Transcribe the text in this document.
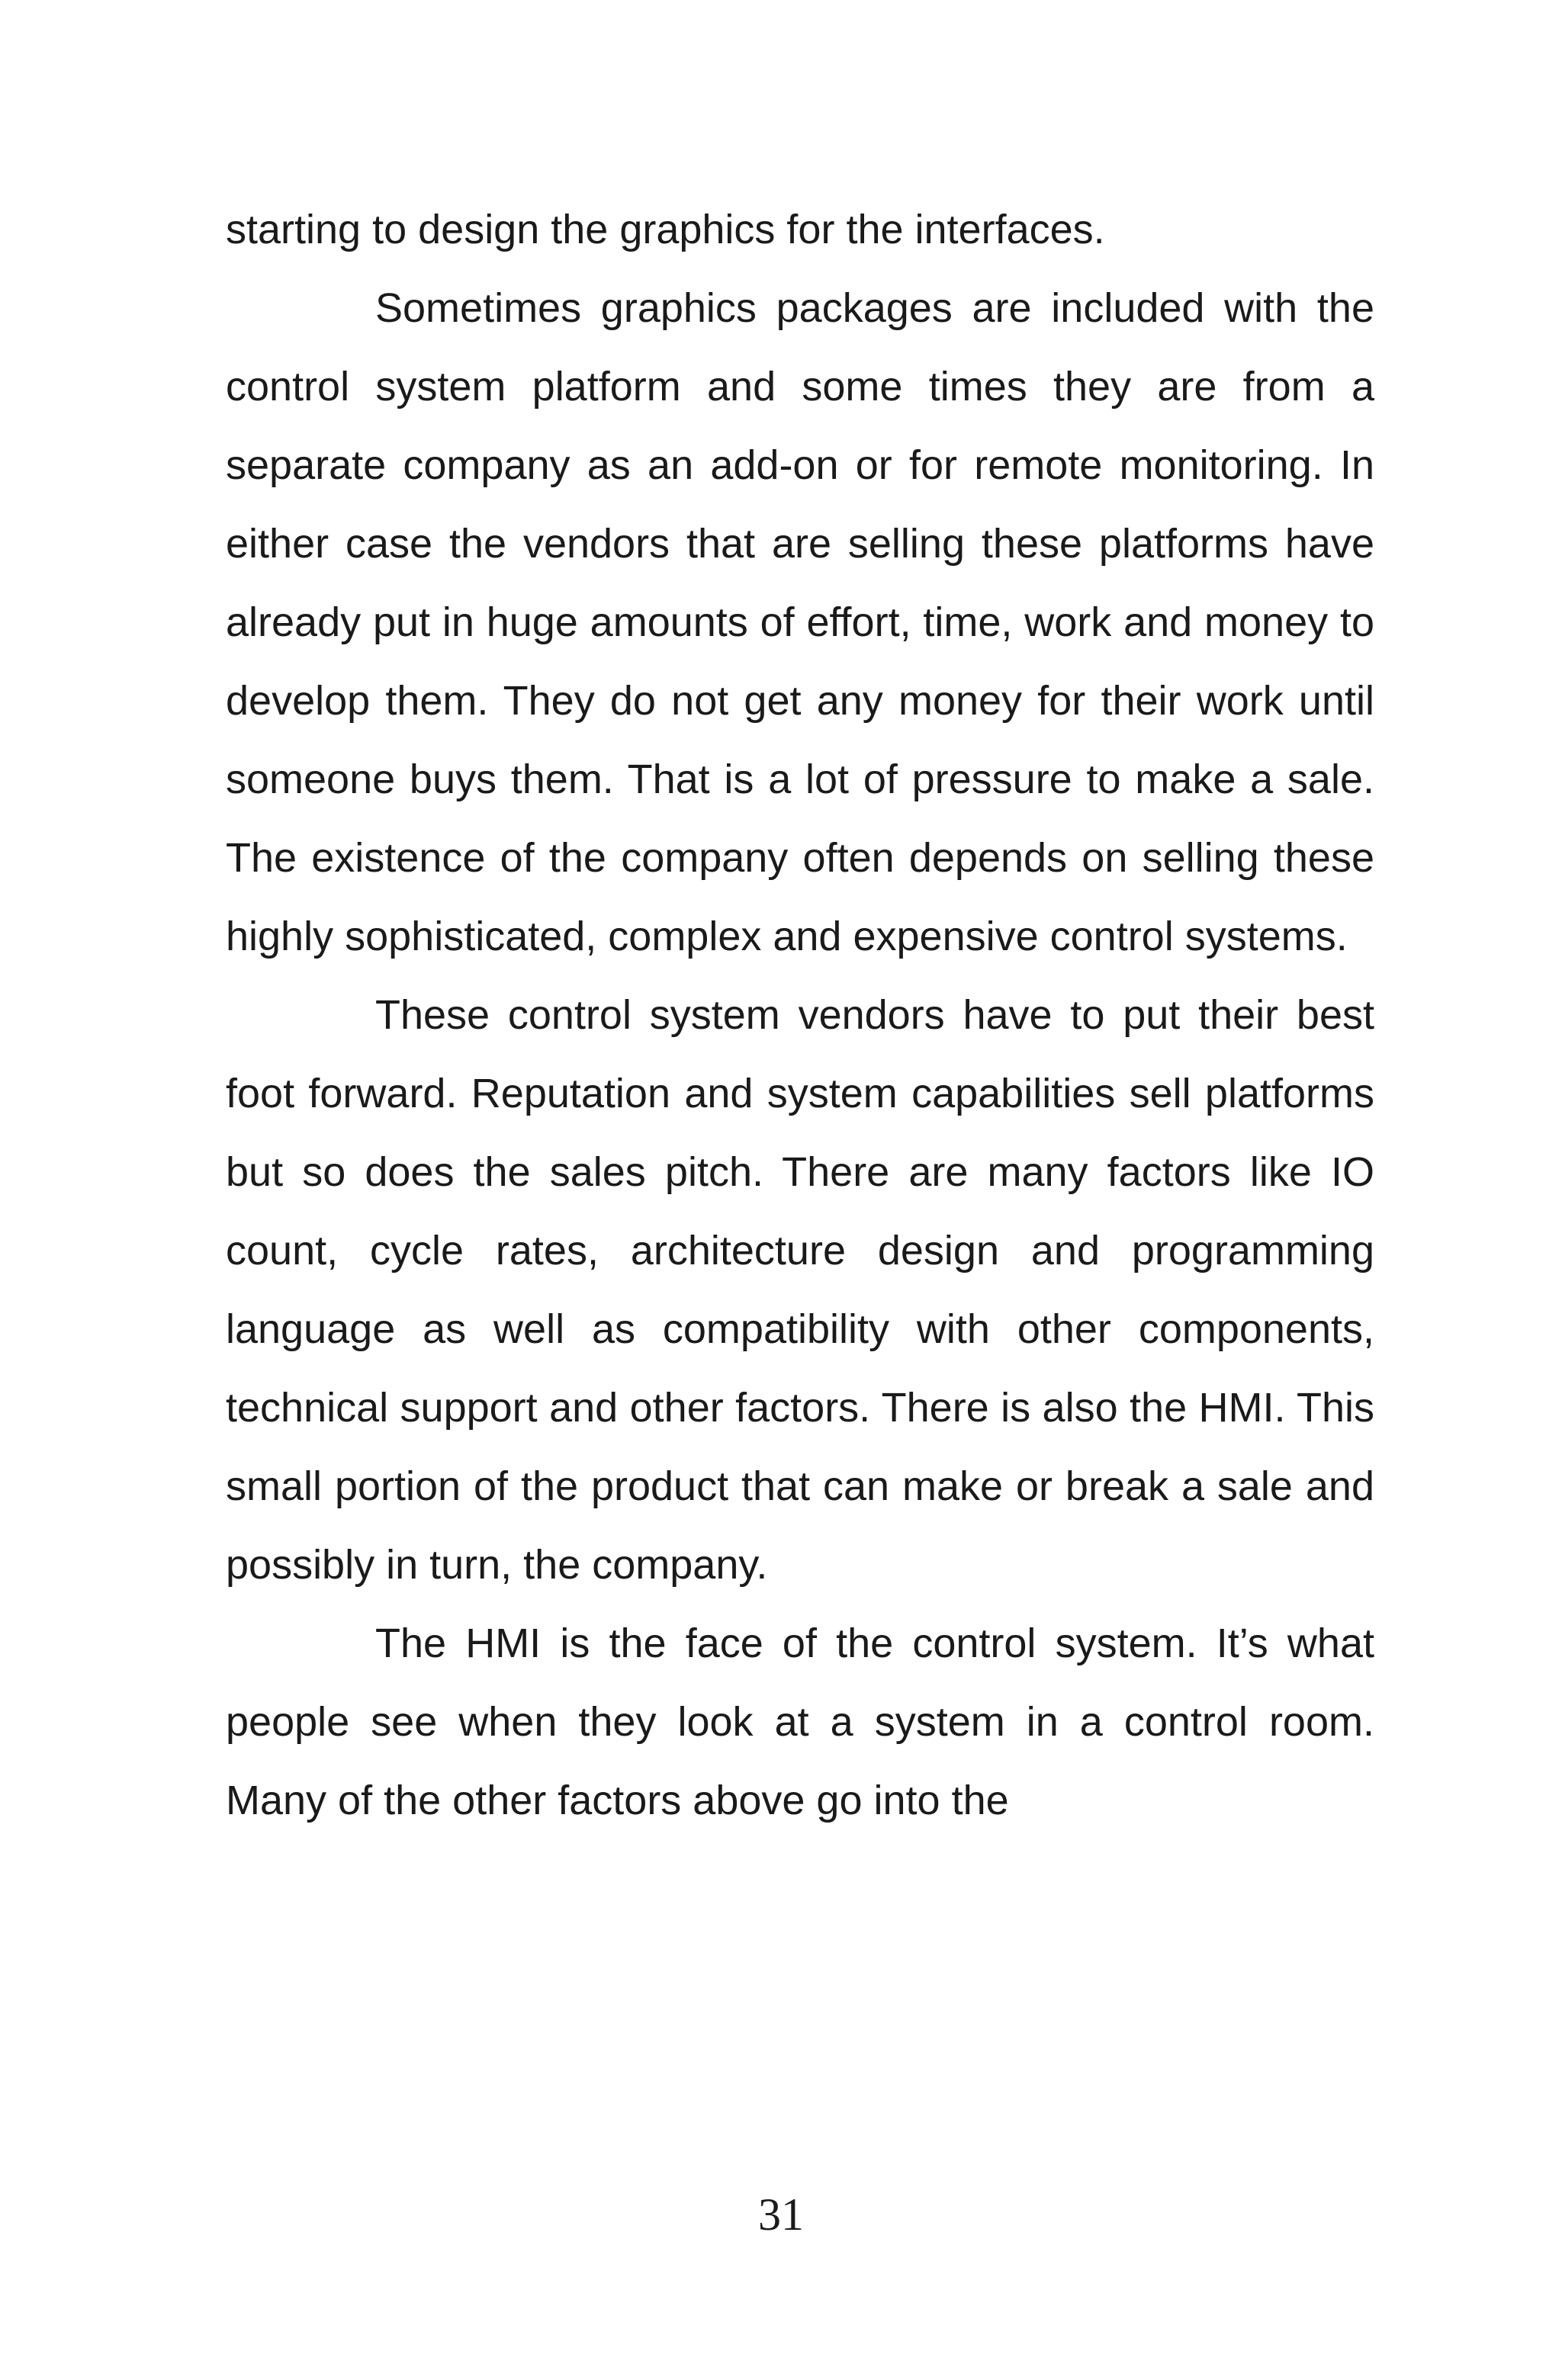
starting to design the graphics for the interfaces.

Sometimes graphics packages are included with the control system platform and some times they are from a separate company as an add-on or for remote monitoring. In either case the vendors that are selling these platforms have already put in huge amounts of effort, time, work and money to develop them. They do not get any money for their work until someone buys them. That is a lot of pressure to make a sale. The existence of the company often depends on selling these highly sophisticated, complex and expensive control systems.

These control system vendors have to put their best foot forward. Reputation and system capabilities sell platforms but so does the sales pitch. There are many factors like IO count, cycle rates, architecture design and programming language as well as compatibility with other components, technical support and other factors. There is also the HMI. This small portion of the product that can make or break a sale and possibly in turn, the company.

The HMI is the face of the control system. It’s what people see when they look at a system in a control room. Many of the other factors above go into the

31
